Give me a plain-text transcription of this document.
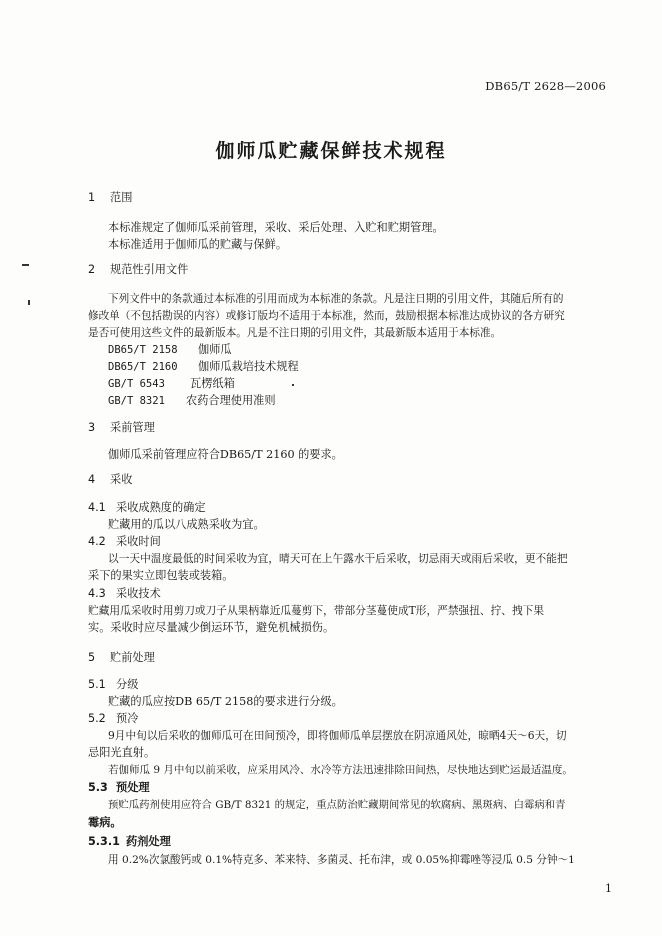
DB65/T 2628—2006
伽师瓜贮藏保鲜技术规程
1 范围
本标准规定了伽师瓜采前管理，采收、采后处理、入贮和贮期管理。
本标准适用于伽师瓜的贮藏与保鲜。
2 规范性引用文件
下列文件中的条款通过本标准的引用而成为本标准的条款。凡是注日期的引用文件，其随后所有的
修改单（不包括勘误的内容）或修订版均不适用于本标准，然而，鼓励根据本标准达成协议的各方研究
是否可使用这些文件的最新版本。凡是不注日期的引用文件，其最新版本适用于本标准。
DB65/T 2158 伽师瓜
DB65/T 2160 伽师瓜栽培技术规程
GB/T 6543 瓦楞纸箱
GB/T 8321 农药合理使用准则
3 采前管理
伽师瓜采前管理应符合DB65/T 2160 的要求。
4 采收
4.1 采收成熟度的确定
贮藏用的瓜以八成熟采收为宜。
4.2 采收时间
以一天中温度最低的时间采收为宜，晴天可在上午露水干后采收，切忌雨天或雨后采收，更不能把
采下的果实立即包装或装箱。
4.3 采收技术
贮藏用瓜采收时用剪刀或刀子从果柄靠近瓜蔓剪下，带部分茎蔓使成T形，严禁强扭、拧、拽下果
实。采收时应尽量减少倒运环节，避免机械损伤。
5 贮前处理
5.1 分级
贮藏的瓜应按DB 65/T 2158的要求进行分级。
5.2 预冷
9月中旬以后采收的伽师瓜可在田间预冷，即将伽师瓜单层摆放在阴凉通风处，晾晒4天～6天，切
忌阳光直射。
若伽师瓜 9 月中旬以前采收，应采用风冷、水冷等方法迅速排除田间热，尽快地达到贮运最适温度。
5.3 预处理
预贮瓜药剂使用应符合 GB/T 8321 的规定，重点防治贮藏期间常见的软腐病、黑斑病、白霉病和青
霉病。
5.3.1 药剂处理
用 0.2%次氯酸钙或 0.1%特克多、苯来特、多菌灵、托布津，或 0.05%抑霉唑等浸瓜 0.5 分钟～1
1
